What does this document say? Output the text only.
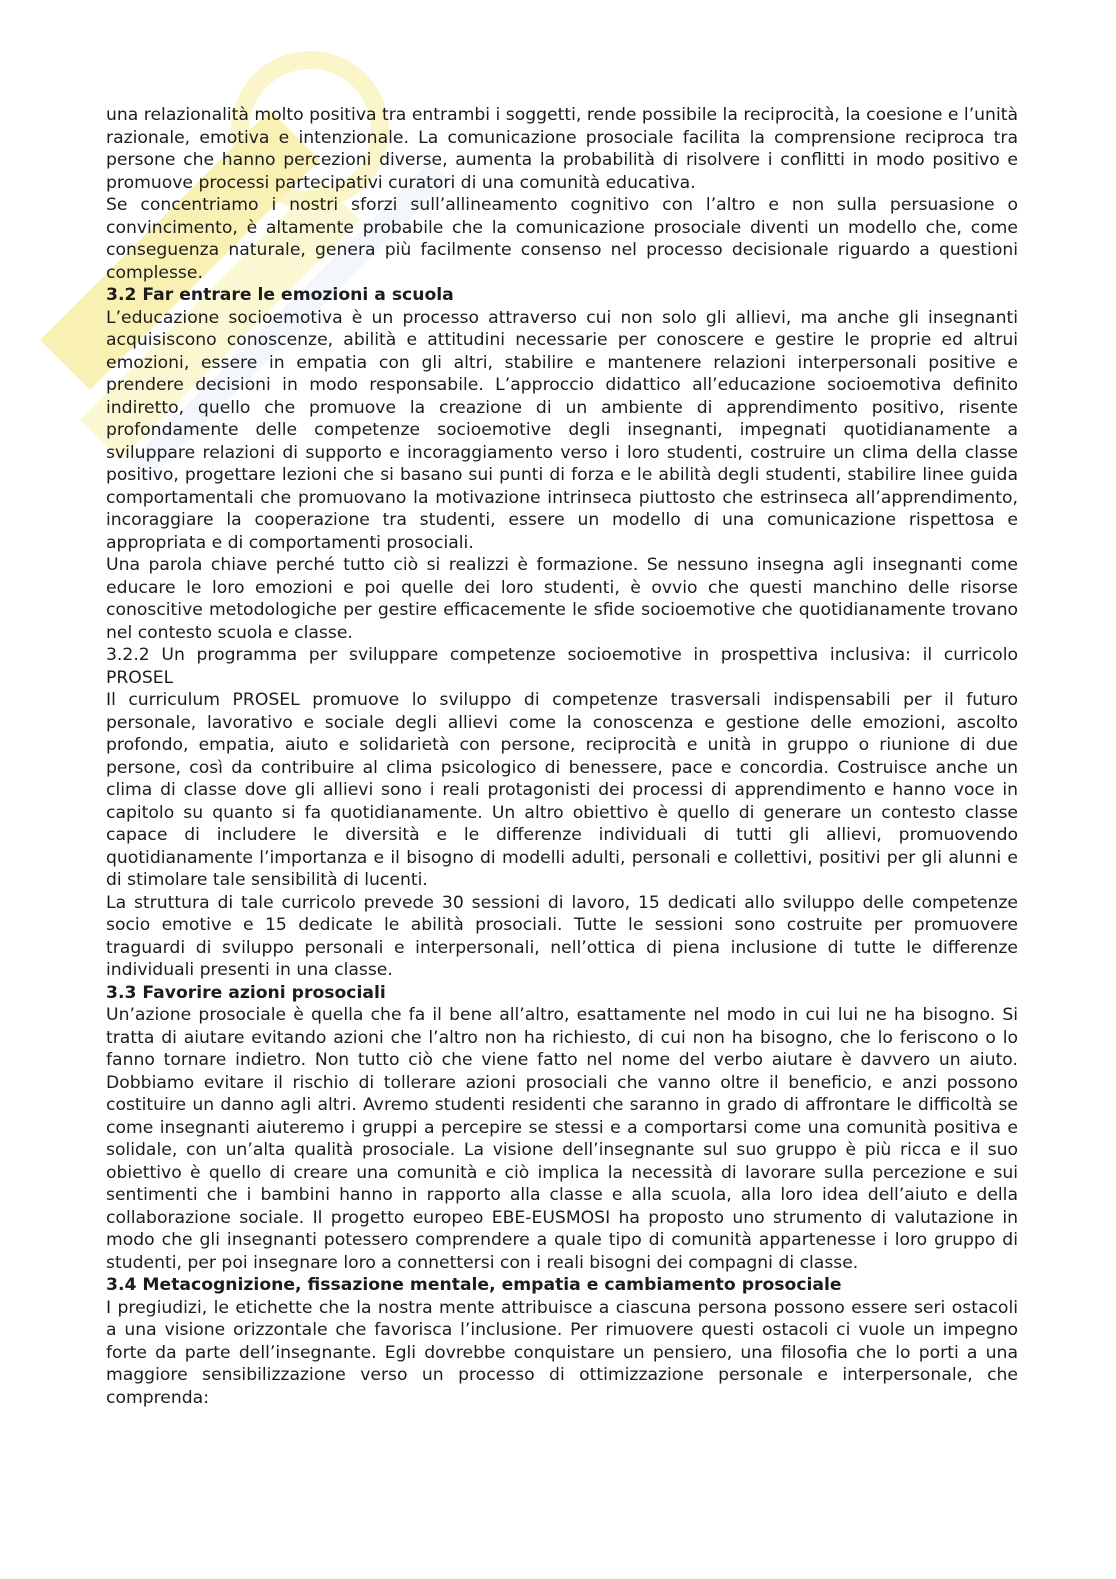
una relazionalità molto positiva tra entrambi i soggetti, rende possibile la reciprocità, la coesione e l’unità razionale, emotiva e intenzionale. La comunicazione prosociale facilita la comprensione reciproca tra persone che hanno percezioni diverse, aumenta la probabilità di risolvere i conflitti in modo positivo e promuove processi partecipativi curatori di una comunità educativa.

Se concentriamo i nostri sforzi sull’allineamento cognitivo con l’altro e non sulla persuasione o convincimento, è altamente probabile che la comunicazione prosociale diventi un modello che, come conseguenza naturale, genera più facilmente consenso nel processo decisionale riguardo a questioni complesse.

3.2 Far entrare le emozioni a scuola

L’educazione socioemotiva è un processo attraverso cui non solo gli allievi, ma anche gli insegnanti acquisiscono conoscenze, abilità e attitudini necessarie per conoscere e gestire le proprie ed altrui emozioni, essere in empatia con gli altri, stabilire e mantenere relazioni interpersonali positive e prendere decisioni in modo responsabile. L’approccio didattico all’educazione socioemotiva definito indiretto, quello che promuove la creazione di un ambiente di apprendimento positivo, risente profondamente delle competenze socioemotive degli insegnanti, impegnati quotidianamente a sviluppare relazioni di supporto e incoraggiamento verso i loro studenti, costruire un clima della classe positivo, progettare lezioni che si basano sui punti di forza e le abilità degli studenti, stabilire linee guida comportamentali che promuovano la motivazione intrinseca piuttosto che estrinseca all’apprendimento, incoraggiare la cooperazione tra studenti, essere un modello di una comunicazione rispettosa e appropriata e di comportamenti prosociali.

Una parola chiave perché tutto ciò si realizzi è formazione. Se nessuno insegna agli insegnanti come educare le loro emozioni e poi quelle dei loro studenti, è ovvio che questi manchino delle risorse conoscitive metodologiche per gestire efficacemente le sfide socioemotive che quotidianamente trovano nel contesto scuola e classe.

3.2.2 Un programma per sviluppare competenze socioemotive in prospettiva inclusiva: il curricolo PROSEL

Il curriculum PROSEL promuove lo sviluppo di competenze trasversali indispensabili per il futuro personale, lavorativo e sociale degli allievi come la conoscenza e gestione delle emozioni, ascolto profondo, empatia, aiuto e solidarietà con persone, reciprocità e unità in gruppo o riunione di due persone, così da contribuire al clima psicologico di benessere, pace e concordia. Costruisce anche un clima di classe dove gli allievi sono i reali protagonisti dei processi di apprendimento e hanno voce in capitolo su quanto si fa quotidianamente. Un altro obiettivo è quello di generare un contesto classe capace di includere le diversità e le differenze individuali di tutti gli allievi, promuovendo quotidianamente l’importanza e il bisogno di modelli adulti, personali e collettivi, positivi per gli alunni e di stimolare tale sensibilità di lucenti.

La struttura di tale curricolo prevede 30 sessioni di lavoro, 15 dedicati allo sviluppo delle competenze socio emotive e 15 dedicate le abilità prosociali. Tutte le sessioni sono costruite per promuovere traguardi di sviluppo personali e interpersonali, nell’ottica di piena inclusione di tutte le differenze individuali presenti in una classe.

3.3 Favorire azioni prosociali

Un’azione prosociale è quella che fa il bene all’altro, esattamente nel modo in cui lui ne ha bisogno. Si tratta di aiutare evitando azioni che l’altro non ha richiesto, di cui non ha bisogno, che lo feriscono o lo fanno tornare indietro. Non tutto ciò che viene fatto nel nome del verbo aiutare è davvero un aiuto. Dobbiamo evitare il rischio di tollerare azioni prosociali che vanno oltre il beneficio, e anzi possono costituire un danno agli altri. Avremo studenti residenti che saranno in grado di affrontare le difficoltà se come insegnanti aiuteremo i gruppi a percepire se stessi e a comportarsi come una comunità positiva e solidale, con un’alta qualità prosociale. La visione dell’insegnante sul suo gruppo è più ricca e il suo obiettivo è quello di creare una comunità e ciò implica la necessità di lavorare sulla percezione e sui sentimenti che i bambini hanno in rapporto alla classe e alla scuola, alla loro idea dell’aiuto e della collaborazione sociale. Il progetto europeo EBE-EUSMOSI ha proposto uno strumento di valutazione in modo che gli insegnanti potessero comprendere a quale tipo di comunità appartenesse i loro gruppo di studenti, per poi insegnare loro a connettersi con i reali bisogni dei compagni di classe.

3.4 Metacognizione, fissazione mentale, empatia e cambiamento prosociale

I pregiudizi, le etichette che la nostra mente attribuisce a ciascuna persona possono essere seri ostacoli a una visione orizzontale che favorisca l’inclusione. Per rimuovere questi ostacoli ci vuole un impegno forte da parte dell’insegnante. Egli dovrebbe conquistare un pensiero, una filosofia che lo porti a una maggiore sensibilizzazione verso un processo di ottimizzazione personale e interpersonale, che comprenda:
